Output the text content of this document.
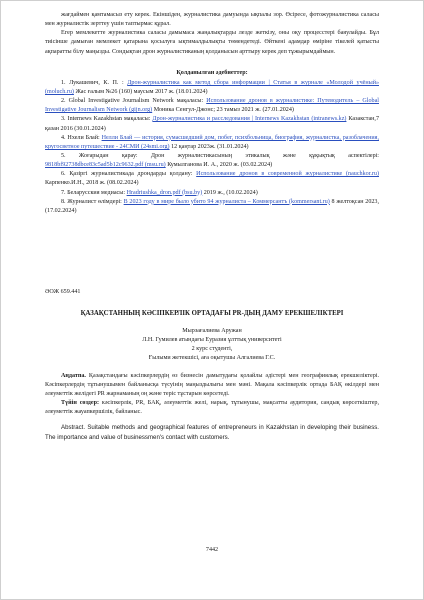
жағдаймен қамтамасыз ету керек. Екіншіден, журналистика дамуында ықпалы зор. Өсіресе, фотожурналистика саласы мен журналистік зерттеу үшін таптырмас құрал.

Егер мемлекетте журналистика саласы дамымаса жаңалықтарды лезде жеткізу, оны оқу процесстері баяулайды. Бұл тиісінше дамыған мемлекет қатарына қосылуға ықтималдылықты төмендетеді. Өйткені адамдар өмірiне тікелей қатысты ақпаратты білу маңызды. Сондықтан дрон журналистиканың қолданысын арттыру керек деп тұжырымдаймын.

Қолданылған әдебиеттер:

1. Лукашевич, К. П. : Дрон-журналистика как метод сбора информации | Статья в журнале «Молодой учёный» (moluch.ru) Жас ғалым №26 (160) маусым 2017 ж. (18.01.2024)

2. Global Investigative Journalism Network мақаласы: Использование дронов в журналистике: Путеводитель – Global Investigative Journalism Network (gijn.org) Моника Сенгул-Джонс; 23 тамыз 2021 ж. (27.01.2024)

3. Internews Kazakhstan мақаласы: Дрон-журналистика и расследования | Internews Kazakhstan (intranews.kz) Казакстан,7 қазан 2016 (30.01.2024)

4. Нхели Блай: Нелли Блай — история, сумасшедший дом, побег, психбольница, биография, журналистка, разоблачения, кругосветное путешествие - 24СМИ (24smi.org) 12 қаңтар 2023ж. (31.01.2024)

5. Жоғарыдан қарау: Дрон журналистикасының этикалық және құқықтық аспектілері: 9818bf92738dbce83c5ad5b12c9632.pdf (msu.ru) Кумылганова И. А., 2020 ж. (03.02.2024)

6. Қазіргі журналистикада дрондарды қолдану: Использование дронов в современной журналистике (nauchkor.ru) Карпенко.И.Н., 2018 ж. (08.02.2024)

7. Беларусския медиасы: Hradriushka_dron.pdf (bsu.by) 2019 ж., (10.02.2024)

8. Журналист өлімдері: В 2023 году в мире было убито 94 журналиста – Коммерсантъ (kommersant.ru) 8 желтоқсан 2023, (17.02.2024)

ӘОЖ 659.441

ҚАЗАҚСТАННЫҢ КӘСІПКЕРЛІК ОРТАДАҒЫ PR-ДЫҢ ДАМУ ЕРЕКШЕЛІКТЕРІ

Мырзағалиева Аружан

Л.Н. Гумилев атындағы Еуразия ұлттық университеті

2 курс студенті,

Ғылыми жетекшісі, аға оқытушы Алгалиева Г.С.

Аңдатпа. Қазақстандағы кәсіпкерлердің өз бизнесін дамытудағы қолайлы әдістері мен географиялық ерекшеліктері. Кәсіпкерлердің тұтынушымен байланысқа түсуінің маңыздылығы мен мәні. Мақала кәсіпкерлік ортада БАҚ өкілдері мен әлеуметтік желідегі PR жарнаманың оң және теріс тұстарын көрсетеді.

Түйін сөздер: кәсіпкерлік, PR, БАҚ, әлеуметтік желі, нарық, тұтынушы, мақсатты аудитория, сандық көрсеткіштер, әлеуметтік жауапкершілік, байланыс.

Abstract. Suitable methods and geographical features of entrepreneurs in Kazakhstan in developing their business. The importance and value of businessmen's contact with customers.

7442
